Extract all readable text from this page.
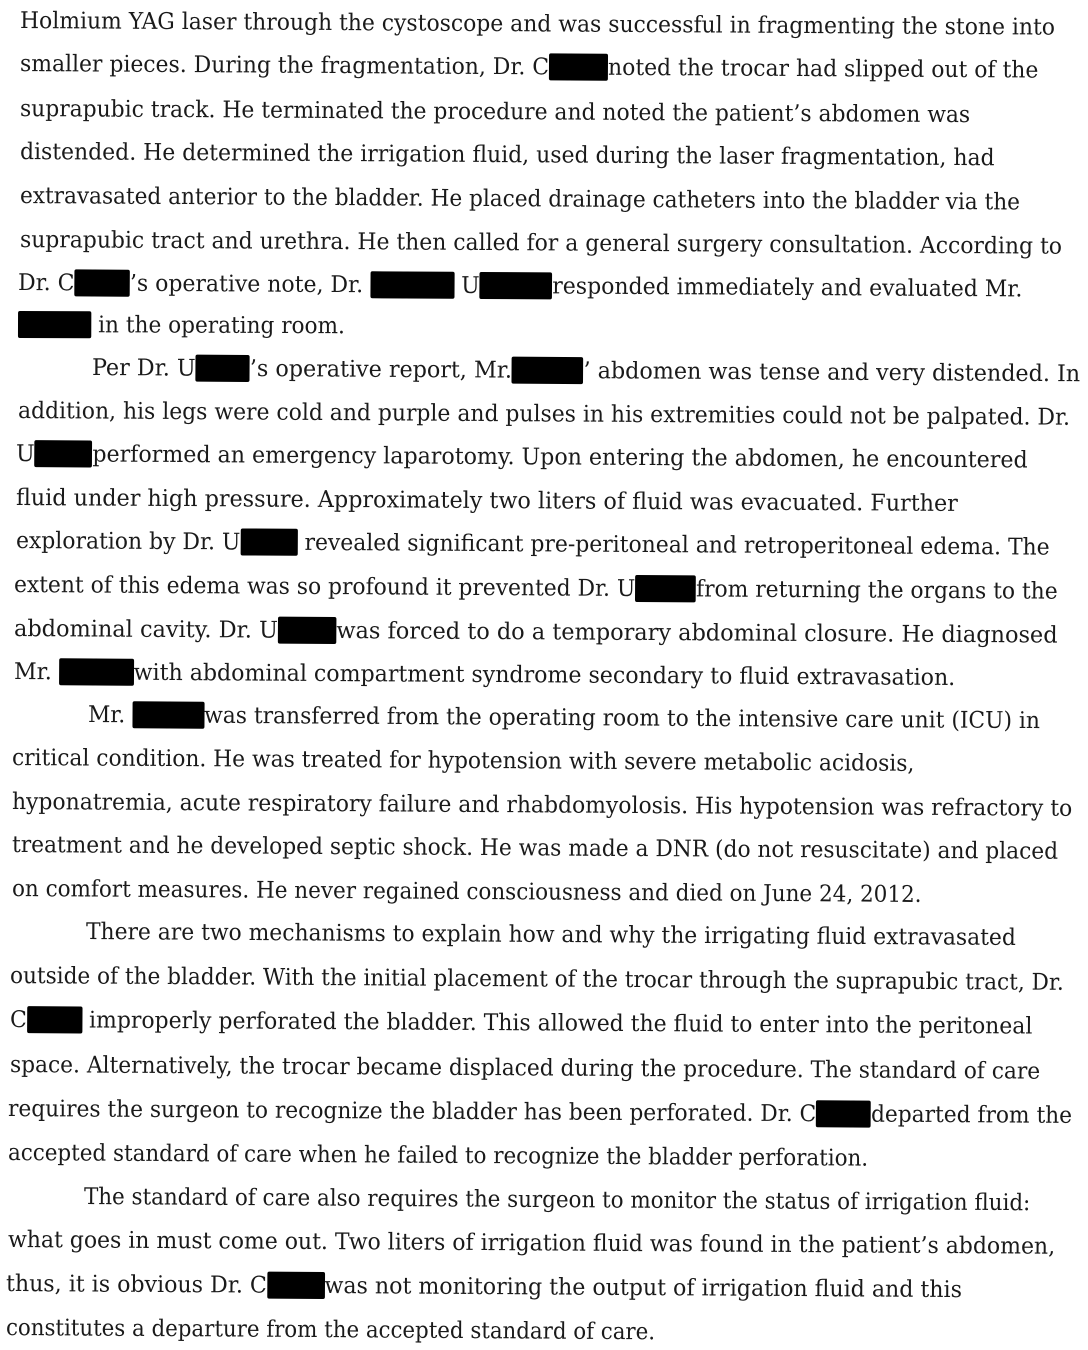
Holmium YAG laser through the cystoscope and was successful in fragmenting the stone into
smaller pieces. During the fragmentation, Dr. C	noted the trocar had slipped out of the
suprapubic track. He terminated the procedure and noted the patient’s abdomen was
distended. He determined the irrigation fluid, used during the laser fragmentation, had
extravasated anterior to the bladder. He placed drainage catheters into the bladder via the
suprapubic tract and urethra. He then called for a general surgery consultation. According to
Dr. C ’s operative note, Dr.	U	responded immediately and evaluated Mr.
in the operating room.
Per Dr. U ’s operative report, Mr.	’ abdomen was tense and very distended. In
addition, his legs were cold and purple and pulses in his extremities could not be palpated. Dr.
U	performed an emergency laparotomy. Upon entering the abdomen, he encountered
fluid under high pressure. Approximately two liters of fluid was evacuated. Further
exploration by Dr. U revealed significant pre-peritoneal and retroperitoneal edema. The
extent of this edema was so profound it prevented Dr. U	from returning the organs to the
abdominal cavity. Dr. U	was forced to do a temporary abdominal closure. He diagnosed
Mr.	with abdominal compartment syndrome secondary to fluid extravasation.
Mr.	was transferred from the operating room to the intensive care unit (ICU) in
critical condition. He was treated for hypotension with severe metabolic acidosis,
hyponatremia, acute respiratory failure and rhabdomyolosis. His hypotension was refractory to
treatment and he developed septic shock. He was made a DNR (do not resuscitate) and placed
on comfort measures. He never regained consciousness and died on June 24, 2012.
There are two mechanisms to explain how and why the irrigating fluid extravasated
outside of the bladder. With the initial placement of the trocar through the suprapubic tract, Dr.
C improperly perforated the bladder. This allowed the fluid to enter into the peritoneal
space. Alternatively, the trocar became displaced during the procedure. The standard of care
requires the surgeon to recognize the bladder has been perforated. Dr. C departed from the
accepted standard of care when he failed to recognize the bladder perforation.
The standard of care also requires the surgeon to monitor the status of irrigation fluid:
what goes in must come out. Two liters of irrigation fluid was found in the patient’s abdomen,
thus, it is obvious Dr. C was not monitoring the output of irrigation fluid and this
constitutes a departure from the accepted standard of care.
